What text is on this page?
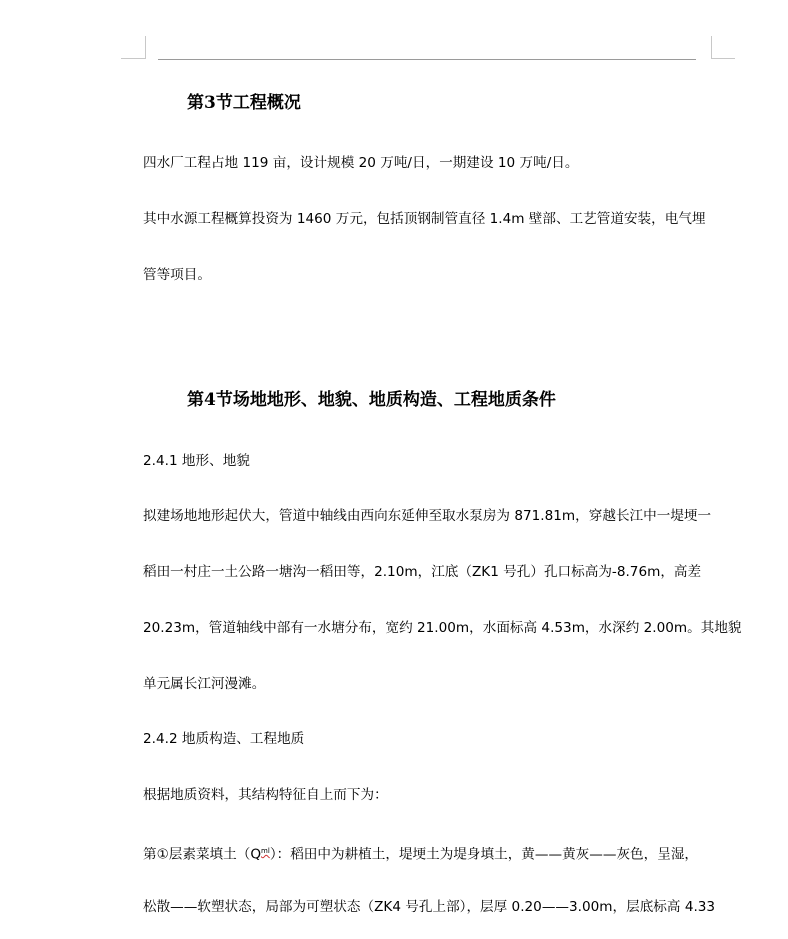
第3节工程概况
四水厂工程占地 119 亩，设计规模 20 万吨/日，一期建设 10 万吨/日。
其中水源工程概算投资为 1460 万元，包括顶钢制管直径 1.4m 壁部、工艺管道安装，电气埋
管等项目。
第4节场地地形、地貌、地质构造、工程地质条件
2.4.1 地形、地貌
拟建场地地形起伏大，管道中轴线由西向东延伸至取水泵房为 871.81m，穿越长江中一堤埂一
稻田一村庄一土公路一塘沟一稻田等，2.10m，江底（ZK1 号孔）孔口标高为-8.76m，高差
20.23m，管道轴线中部有一水塘分布，宽约 21.00m，水面标高 4.53m，水深约 2.00m。其地貌
单元属长江河漫滩。
2.4.2 地质构造、工程地质
根据地质资料，其结构特征自上而下为：
第①层素菜填土$(Q^{ml})$：稻田中为耕植土，堤埂土为堤身填土，黄——黄灰——灰色，呈湿，
松散——软塑状态，局部为可塑状态（ZK4 号孔上部），层厚 0.20——3.00m，层底标高 4.33
